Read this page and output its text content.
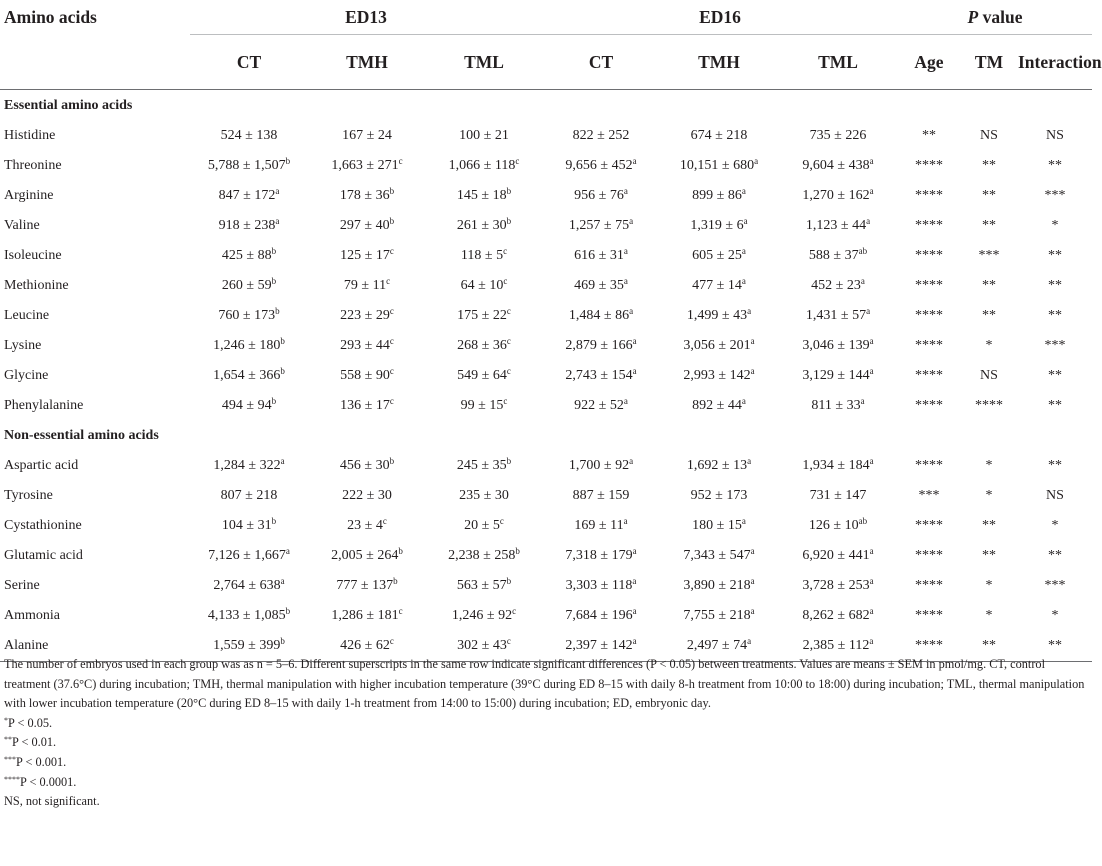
Amino acids	ED13			ED16			P value		
	CT	TMH	TML	CT	TMH	TML	Age	TM	Interaction
Essential amino acids									
Histidine	524 ± 138	167 ± 24	100 ± 21	822 ± 252	674 ± 218	735 ± 226	**	NS	NS
Threonine	5,788 ± 1,507$^b$	$1,663 \pm 271^c$	$1,066 \pm 118^c$	$9,656 \pm 452^a$	$10,151 \pm 680^a$	$9,604 \pm 438^a$	****	**	**
Arginine	$847 \pm 172^a$	$178 \pm 36^b$	$145 \pm 18^b$	$956 \pm 76^a$	$899 \pm 86^a$	$1,270 \pm 162^a$	****	**	***
Valine	$918 \pm 238^a$	$297 \pm 40^b$	$261 \pm 30^b$	$1,257 \pm 75^a$	$1,319 \pm 6^a$	$1,123 \pm 44^a$	****	**	*
Isoleucine	$425 \pm 88^b$	$125 \pm 17^c$	$118 \pm 5^c$	$616 \pm 31^a$	$605 \pm 25^a$	$588 \pm 37^{ab}$	****	***	**
Methionine	$260 \pm 59^b$	$79 \pm 11^c$	$64 \pm 10^c$	$469 \pm 35^a$	$477 \pm 14^a$	$452 \pm 23^a$	****	**	**
Leucine	$760 \pm 173^b$	$223 \pm 29^c$	$175 \pm 22^c$	$1,484 \pm 86^a$	$1,499 \pm 43^a$	$1,431 \pm 57^a$	****	**	**
Lysine	$1,246 \pm 180^b$	$293 \pm 44^c$	$268 \pm 36^c$	$2,879 \pm 166^a$	$3,056 \pm 201^a$	$3,046 \pm 139^a$	****	*	***
Glycine	$1,654 \pm 366^b$	$558 \pm 90^c$	$549 \pm 64^c$	$2,743 \pm 154^a$	$2,993 \pm 142^a$	$3,129 \pm 144^a$	****	NS	**
Phenylalanine	$494 \pm 94^b$	$136 \pm 17^c$	$99 \pm 15^c$	$922 \pm 52^a$	$892 \pm 44^a$	$811 \pm 33^a$	****	****	**
Non-essential amino acids									
Aspartic acid	$1,284 \pm 322^a$	$456 \pm 30^b$	$245 \pm 35^b$	$1,700 \pm 92^a$	$1,692 \pm 13^a$	$1,934 \pm 184^a$	****	*	**
Tyrosine	807 ± 218	222 ± 30	235 ± 30	887 ± 159	952 ± 173	731 ± 147	***	*	NS
Cystathionine	$104 \pm 31^b$	$23 \pm 4^c$	$20 \pm 5^c$	$169 \pm 11^a$	$180 \pm 15^a$	$126 \pm 10^{ab}$	****	**	*
Glutamic acid	7,126 ± 1,667$^a$	$2,005 \pm 264^b$	$2,238 \pm 258^b$	$7,318 \pm 179^a$	$7,343 \pm 547^a$	$6,920 \pm 441^a$	****	**	**
Serine	$2,764 \pm 638^a$	$777 \pm 137^b$	$563 \pm 57^b$	$3,303 \pm 118^a$	$3,890 \pm 218^a$	$3,728 \pm 253^a$	****	*	***
Ammonia	4,133 ± 1,085$^b$	$1,286 \pm 181^c$	$1,246 \pm 92^c$	$7,684 \pm 196^a$	$7,755 \pm 218^a$	$8,262 \pm 682^a$	****	*	*
Alanine	$1,559 \pm 399^b$	$426 \pm 62^c$	$302 \pm 43^c$	$2,397 \pm 142^a$	$2,497 \pm 74^a$	$2,385 \pm 112^a$	****	**	**

The number of embryos used in each group was as n = 5–6. Different superscripts in the same row indicate significant differences (P < 0.05) between treatments. Values are means ± SEM in pmol/mg. CT, control treatment (37.6°C) during incubation; TMH, thermal manipulation with higher incubation temperature (39°C during ED 8–15 with daily 8-h treatment from 10:00 to 18:00) during incubation; TML, thermal manipulation with lower incubation temperature (20°C during ED 8–15 with daily 1-h treatment from 14:00 to 15:00) during incubation; ED, embryonic day.

*P < 0.05.

**P < 0.01.

***P < 0.001.

****P < 0.0001.

NS, not significant.
